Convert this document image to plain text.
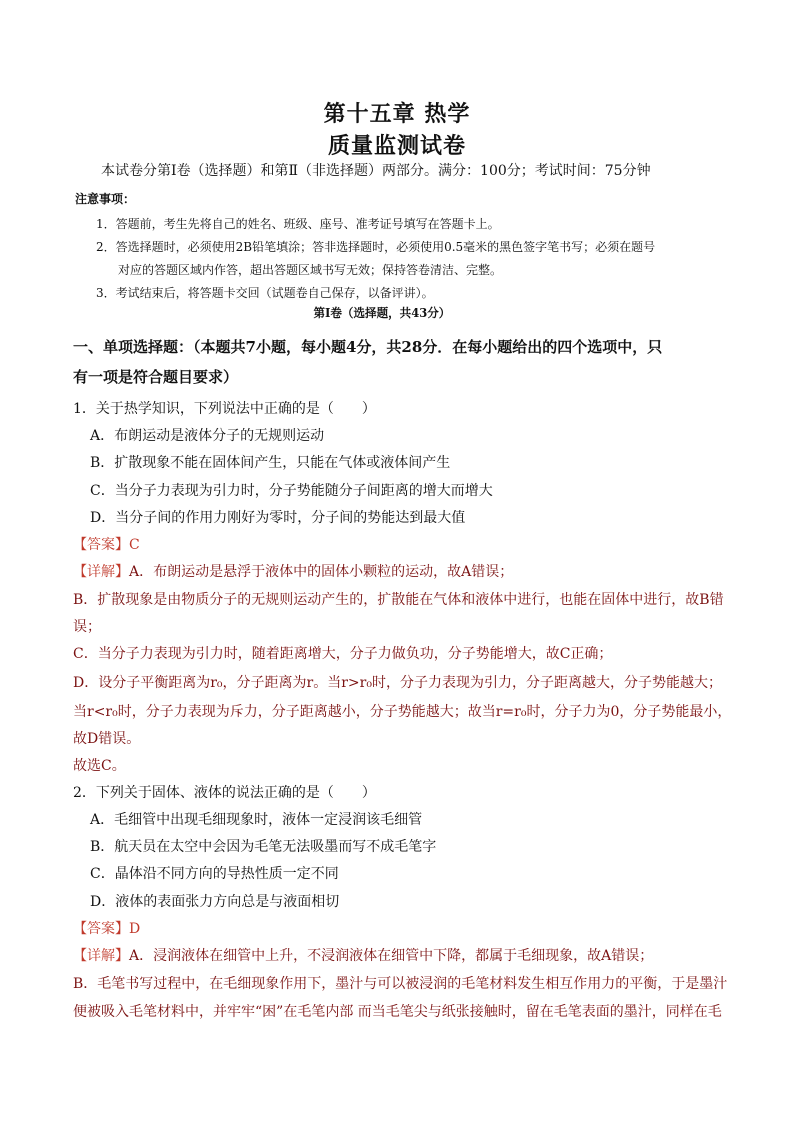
第十五章 热学
质量监测试卷
本试卷分第Ⅰ卷（选择题）和第Ⅱ（非选择题）两部分。满分：100分；考试时间：75分钟
注意事项：
1．答题前，考生先将自己的姓名、班级、座号、准考证号填写在答题卡上。
2．答选择题时，必须使用2B铅笔填涂；答非选择题时，必须使用0.5毫米的黑色签字笔书写；必须在题号
对应的答题区域内作答，超出答题区域书写无效；保持答卷清洁、完整。
3．考试结束后，将答题卡交回（试题卷自己保存，以备评讲）。
第Ⅰ卷（选择题，共43分）
一、单项选择题：（本题共7小题，每小题4分，共28分．在每小题给出的四个选项中，只
有一项是符合题目要求）
1．关于热学知识，下列说法中正确的是（　　）
A．布朗运动是液体分子的无规则运动
B．扩散现象不能在固体间产生，只能在气体或液体间产生
C．当分子力表现为引力时，分子势能随分子间距离的增大而增大
D．当分子间的作用力刚好为零时，分子间的势能达到最大值
【答案】C
【详解】A．布朗运动是悬浮于液体中的固体小颗粒的运动，故A错误；
B．扩散现象是由物质分子的无规则运动产生的，扩散能在气体和液体中进行，也能在固体中进行，故B错
误；
C．当分子力表现为引力时，随着距离增大，分子力做负功，分子势能增大，故C正确；
D．设分子平衡距离为r₀，分子距离为r。当r>r₀时，分子力表现为引力，分子距离越大，分子势能越大；
当r<r₀时，分子力表现为斥力，分子距离越小，分子势能越大；故当r=r₀时，分子力为0，分子势能最小，
故D错误。
故选C。
2．下列关于固体、液体的说法正确的是（　　）
A．毛细管中出现毛细现象时，液体一定浸润该毛细管
B．航天员在太空中会因为毛笔无法吸墨而写不成毛笔字
C．晶体沿不同方向的导热性质一定不同
D．液体的表面张力方向总是与液面相切
【答案】D
【详解】A．浸润液体在细管中上升，不浸润液体在细管中下降，都属于毛细现象，故A错误；
B．毛笔书写过程中，在毛细现象作用下，墨汁与可以被浸润的毛笔材料发生相互作用力的平衡，于是墨汁
便被吸入毛笔材料中，并牢牢“困”在毛笔内部 而当毛笔尖与纸张接触时，留在毛笔表面的墨汁，同样在毛
